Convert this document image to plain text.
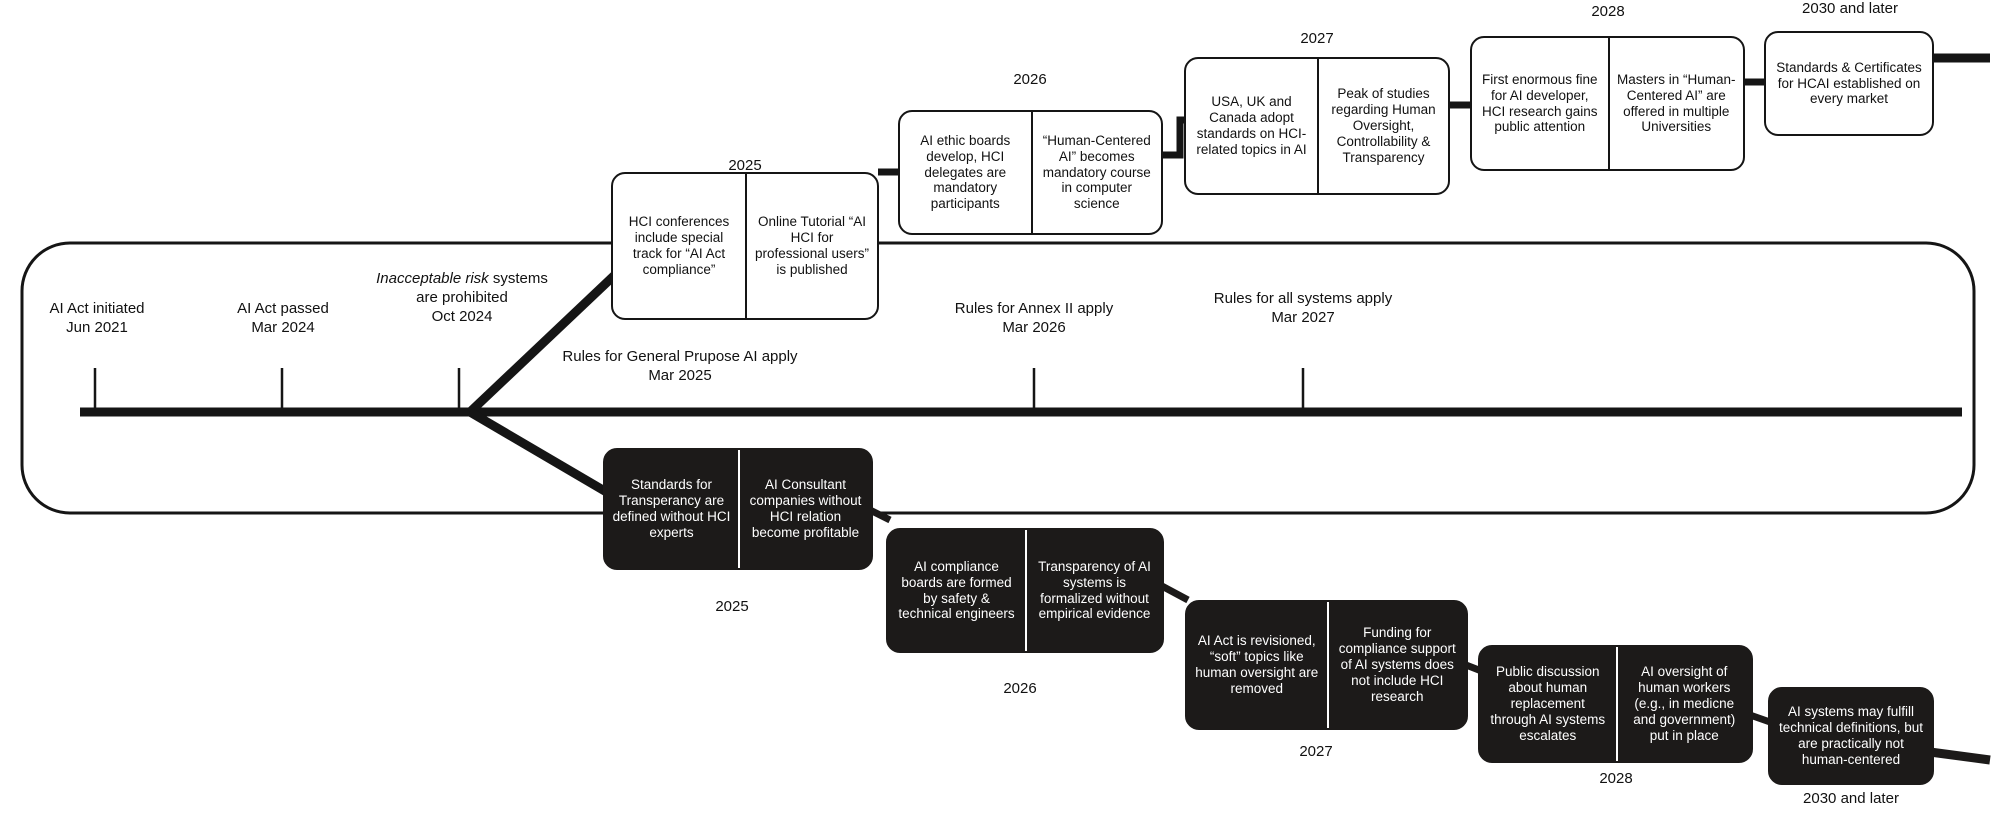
AI Act initiated
Jun 2021
AI Act passed
Mar 2024
Inacceptable risk systems
are prohibited
Oct 2024	Rules for Annex II apply
Mar 2026
Rules for all systems apply
Mar 2027
Rules for General Prupose AI apply
Mar 2025
HCI conferences include special track for “AI Act compliance”
Online Tutorial “AI HCI for professional users” is published
2025
AI ethic boards develop, HCI delegates are mandatory participants
“Human-Centered AI” becomes mandatory course in computer science
2026
USA, UK and Canada adopt standards on HCI-related topics in AI
Peak of studies regarding Human Oversight, Controllability & Transparency
2027
First enormous fine for AI developer, HCI research gains public attention
Masters in “Human-Centered AI” are offered in multiple Universities
2028
Standards & Certificates for HCAI established on every market
2030 and later
Standards for Transperancy are defined without HCI experts
AI Consultant companies without HCI relation become profitable
2025
AI compliance boards are formed by safety & technical engineers
Transparency of AI systems is formalized without empirical evidence
2026
AI Act is revisioned, “soft” topics like human oversight are removed
Funding for compliance support of AI systems does not include HCI research
2027
Public discussion about human replacement through AI systems escalates
AI oversight of human workers (e.g., in medicne and government) put in place
2028
AI systems may fulfill technical definitions, but are practically not human-centered
2030 and later
